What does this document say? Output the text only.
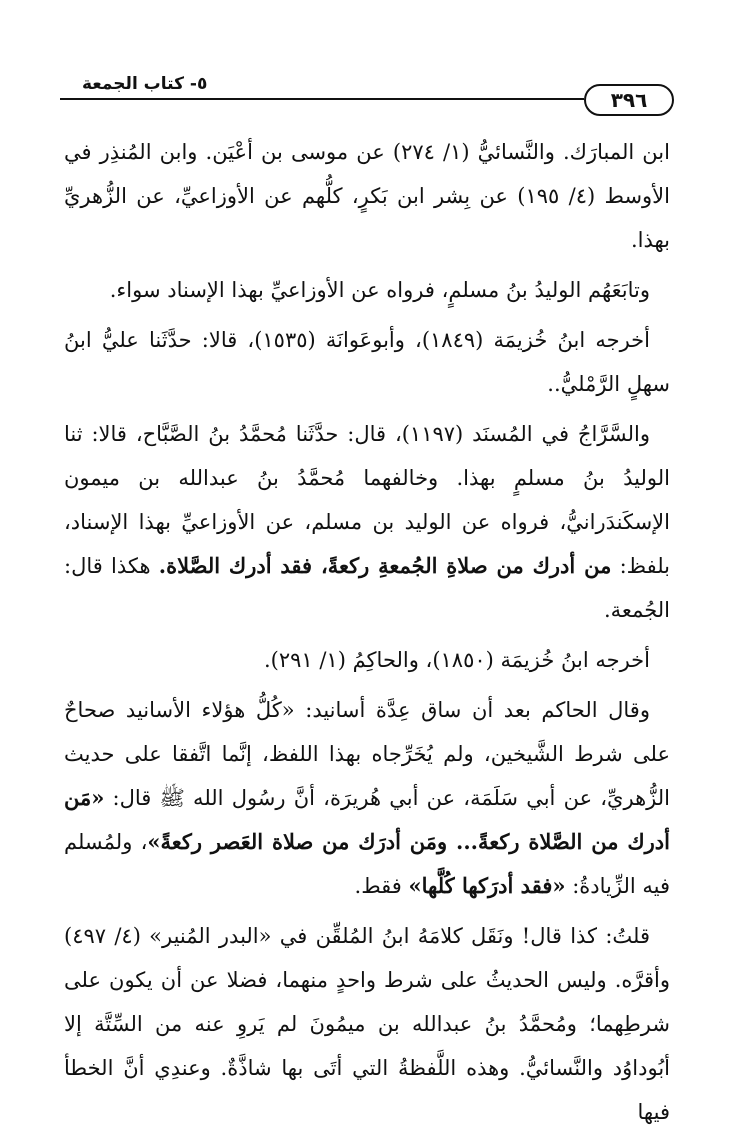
٥- كتاب الجمعة
٣٩٦

ابن المبارَك. والنَّسائيُّ (١/ ٢٧٤) عن موسى بن أعْيَن. وابن المُنذِر في الأوسط (٤/ ١٩٥) عن بِشر ابن بَكرٍ، كلُّهم عن الأوزاعيِّ، عن الزُّهريِّ بهذا.

وتابَعَهُم الوليدُ بنُ مسلمٍ، فرواه عن الأوزاعيِّ بهذا الإسناد سواء.

أخرجه ابنُ خُزيمَة (١٨٤٩)، وأبوعَوانَة (١٥٣٥)، قالا: حدَّثَنا عليُّ ابنُ سهلٍ الرَّمْليُّ..

والسَّرَّاجُ في المُسنَد (١١٩٧)، قال: حدَّثَنا مُحمَّدُ بنُ الصَّبَّاح، قالا: ثنا الوليدُ بنُ مسلمٍ بهذا. وخالفهما مُحمَّدُ بنُ عبدالله بن ميمون الإسكَندَرانيُّ، فرواه عن الوليد بن مسلم، عن الأوزاعيِّ بهذا الإسناد، بلفظ: من أدرك من صلاةِ الجُمعةِ ركعةً، فقد أدرك الصَّلاة. هكذا قال: الجُمعة.

أخرجه ابنُ خُزيمَة (١٨٥٠)، والحاكِمُ (١/ ٢٩١).

وقال الحاكم بعد أن ساق عِدَّة أسانيد: «كُلُّ هؤلاء الأسانيد صحاحٌ على شرط الشَّيخين، ولم يُخَرِّجاه بهذا اللفظ، إنَّما اتَّفقا على حديث الزُّهريِّ، عن أبي سَلَمَة، عن أبي هُريرَة، أنَّ رسُول الله ﷺ قال: «مَن أدرك من الصَّلاة ركعةً... ومَن أدرَك من صلاة العَصر ركعةً»، ولمُسلم فيه الزِّيادةُ: «فقد أدرَكها كُلَّها» فقط.

قلتُ: كذا قال! ونَقَل كلامَهُ ابنُ المُلقِّن في «البدر المُنير» (٤/ ٤٩٧) وأقرَّه. وليس الحديثُ على شرط واحدٍ منهما، فضلا عن أن يكون على شرطِهما؛ ومُحمَّدُ بنُ عبدالله بن ميمُونَ لم يَروِ عنه من السِّتَّة إلا أبُوداوُد والنَّسائيُّ. وهذه اللَّفظةُ التي أتَى بها شاذَّةٌ. وعندِي أنَّ الخطأ فيها
